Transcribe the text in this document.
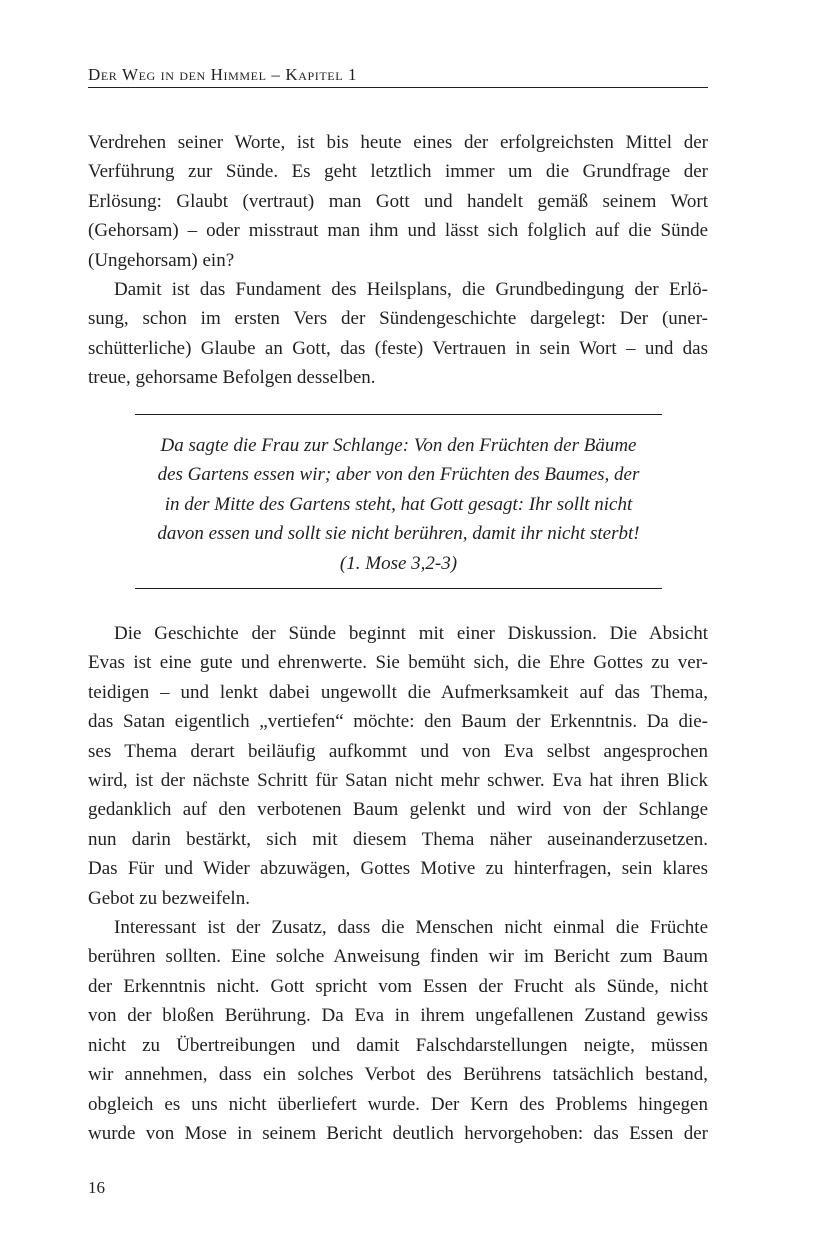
Der Weg in den Himmel – Kapitel 1
Verdrehen seiner Worte, ist bis heute eines der erfolgreichsten Mittel der
Verführung zur Sünde. Es geht letztlich immer um die Grundfrage der
Erlösung: Glaubt (vertraut) man Gott und handelt gemäß seinem Wort
(Gehorsam) – oder misstraut man ihm und lässt sich folglich auf die Sünde
(Ungehorsam) ein?
Damit ist das Fundament des Heilsplans, die Grundbedingung der Erlö-
sung, schon im ersten Vers der Sündengeschichte dargelegt: Der (uner-
schütterliche) Glaube an Gott, das (feste) Vertrauen in sein Wort – und das
treue, gehorsame Befolgen desselben.
Da sagte die Frau zur Schlange: Von den Früchten der Bäume
des Gartens essen wir; aber von den Früchten des Baumes, der
in der Mitte des Gartens steht, hat Gott gesagt: Ihr sollt nicht
davon essen und sollt sie nicht berühren, damit ihr nicht sterbt!
(1. Mose 3,2-3)
Die Geschichte der Sünde beginnt mit einer Diskussion. Die Absicht
Evas ist eine gute und ehrenwerte. Sie bemüht sich, die Ehre Gottes zu ver-
teidigen – und lenkt dabei ungewollt die Aufmerksamkeit auf das Thema,
das Satan eigentlich „vertiefen“ möchte: den Baum der Erkenntnis. Da die-
ses Thema derart beiläufig aufkommt und von Eva selbst angesprochen
wird, ist der nächste Schritt für Satan nicht mehr schwer. Eva hat ihren Blick
gedanklich auf den verbotenen Baum gelenkt und wird von der Schlange
nun darin bestärkt, sich mit diesem Thema näher auseinanderzusetzen.
Das Für und Wider abzuwägen, Gottes Motive zu hinterfragen, sein klares
Gebot zu bezweifeln.
Interessant ist der Zusatz, dass die Menschen nicht einmal die Früchte
berühren sollten. Eine solche Anweisung finden wir im Bericht zum Baum
der Erkenntnis nicht. Gott spricht vom Essen der Frucht als Sünde, nicht
von der bloßen Berührung. Da Eva in ihrem ungefallenen Zustand gewiss
nicht zu Übertreibungen und damit Falschdarstellungen neigte, müssen
wir annehmen, dass ein solches Verbot des Berührens tatsächlich bestand,
obgleich es uns nicht überliefert wurde. Der Kern des Problems hingegen
wurde von Mose in seinem Bericht deutlich hervorgehoben: das Essen der
16
